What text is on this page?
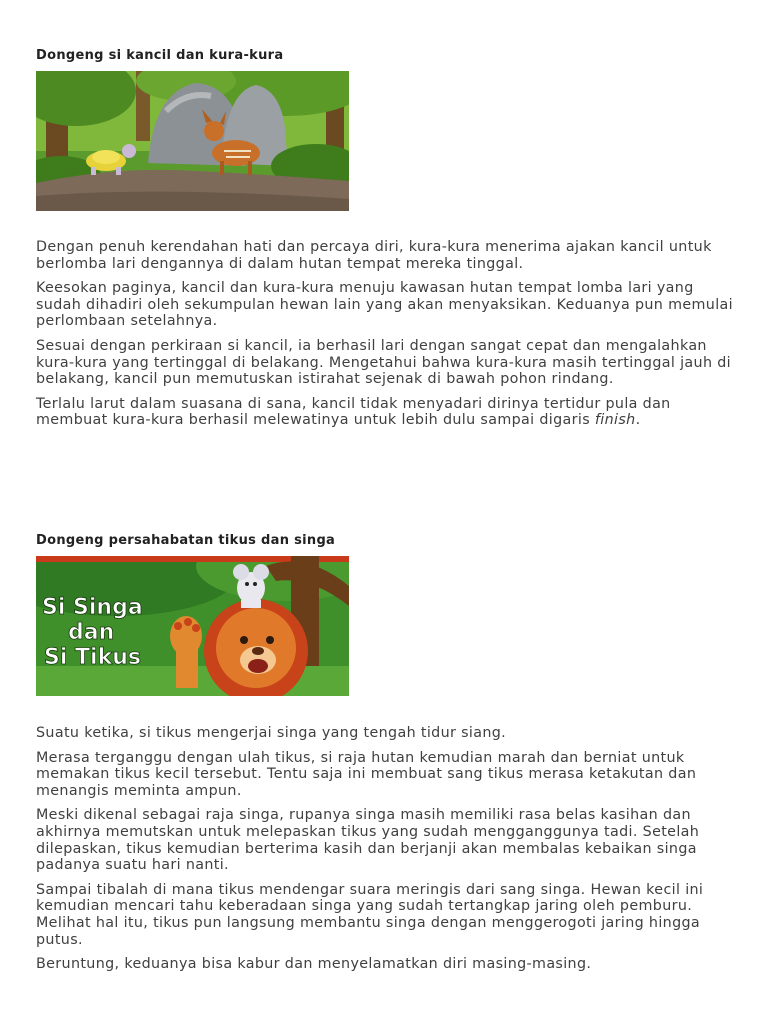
Dongeng si kancil dan kura-kura

Dengan penuh kerendahan hati dan percaya diri, kura-kura menerima ajakan kancil untuk berlomba lari dengannya di dalam hutan tempat mereka tinggal.

Keesokan paginya, kancil dan kura-kura menuju kawasan hutan tempat lomba lari yang sudah dihadiri oleh sekumpulan hewan lain yang akan menyaksikan. Keduanya pun memulai perlombaan setelahnya.

Sesuai dengan perkiraan si kancil, ia berhasil lari dengan sangat cepat dan mengalahkan kura-kura yang tertinggal di belakang. Mengetahui bahwa kura-kura masih tertinggal jauh di belakang, kancil pun memutuskan istirahat sejenak di bawah pohon rindang.

Terlalu larut dalam suasana di sana, kancil tidak menyadari dirinya tertidur pula dan membuat kura-kura berhasil melewatinya untuk lebih dulu sampai digaris finish.

Dongeng persahabatan tikus dan singa
Si Singa
dan
Si Tikus

Suatu ketika, si tikus mengerjai singa yang tengah tidur siang.

Merasa terganggu dengan ulah tikus, si raja hutan kemudian marah dan berniat untuk memakan tikus kecil tersebut. Tentu saja ini membuat sang tikus merasa ketakutan dan menangis meminta ampun.

Meski dikenal sebagai raja singa, rupanya singa masih memiliki rasa belas kasihan dan akhirnya memutskan untuk melepaskan tikus yang sudah mengganggunya tadi. Setelah dilepaskan, tikus kemudian berterima kasih dan berjanji akan membalas kebaikan singa padanya suatu hari nanti.

Sampai tibalah di mana tikus mendengar suara meringis dari sang singa. Hewan kecil ini kemudian mencari tahu keberadaan singa yang sudah tertangkap jaring oleh pemburu. Melihat hal itu, tikus pun langsung membantu singa dengan menggerogoti jaring hingga putus.

Beruntung, keduanya bisa kabur dan menyelamatkan diri masing-masing.
